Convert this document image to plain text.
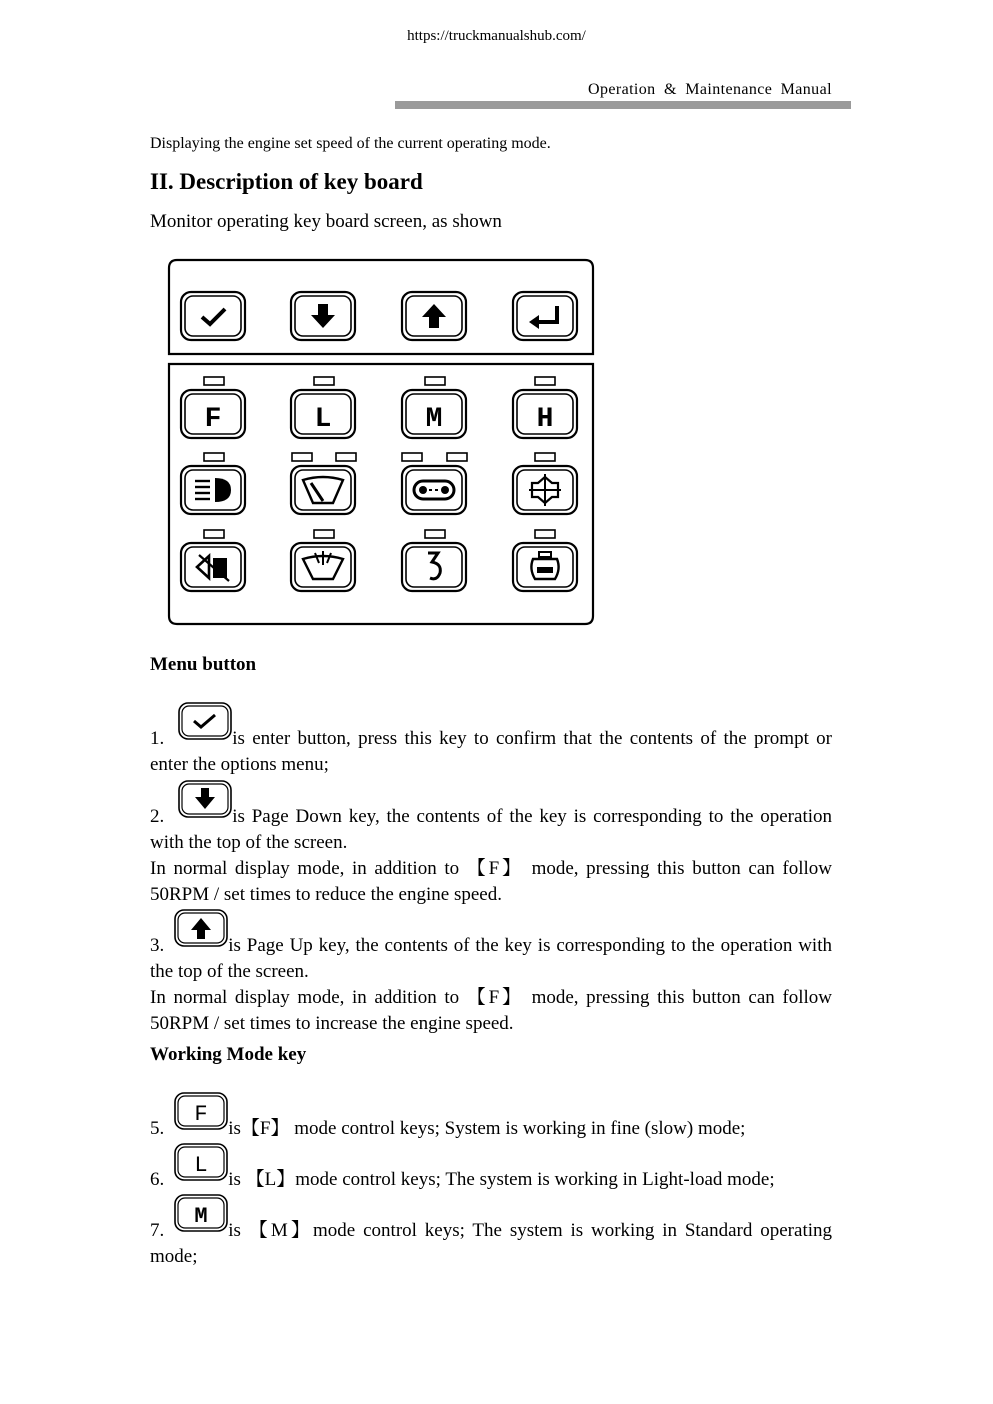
https://truckmanualshub.com/
Operation & Maintenance Manual
Displaying the engine set speed of the current operating mode.
II. Description of key board
Monitor operating key board screen, as shown
F	L	M	H
Menu button
1.	is enter button, press this key to confirm that the contents of the prompt or enter the options menu;
2.	is Page Down key, the contents of the key is corresponding to the operation with the top of the screen.
In normal display mode, in addition to 【F】 mode, pressing this button can follow 50RPM / set times to reduce the engine speed.
3.	is Page Up key, the contents of the key is corresponding to the operation with the top of the screen.
In normal display mode, in addition to 【F】 mode, pressing this button can follow 50RPM / set times to increase the engine speed.
Working Mode key
5.
F
is【F】 mode control keys; System is working in fine (slow) mode;
6.
L
is 【L】mode control keys; The system is working in Light-load mode;
7.
M
is 【M】mode control keys; The system is working in Standard operating mode;
